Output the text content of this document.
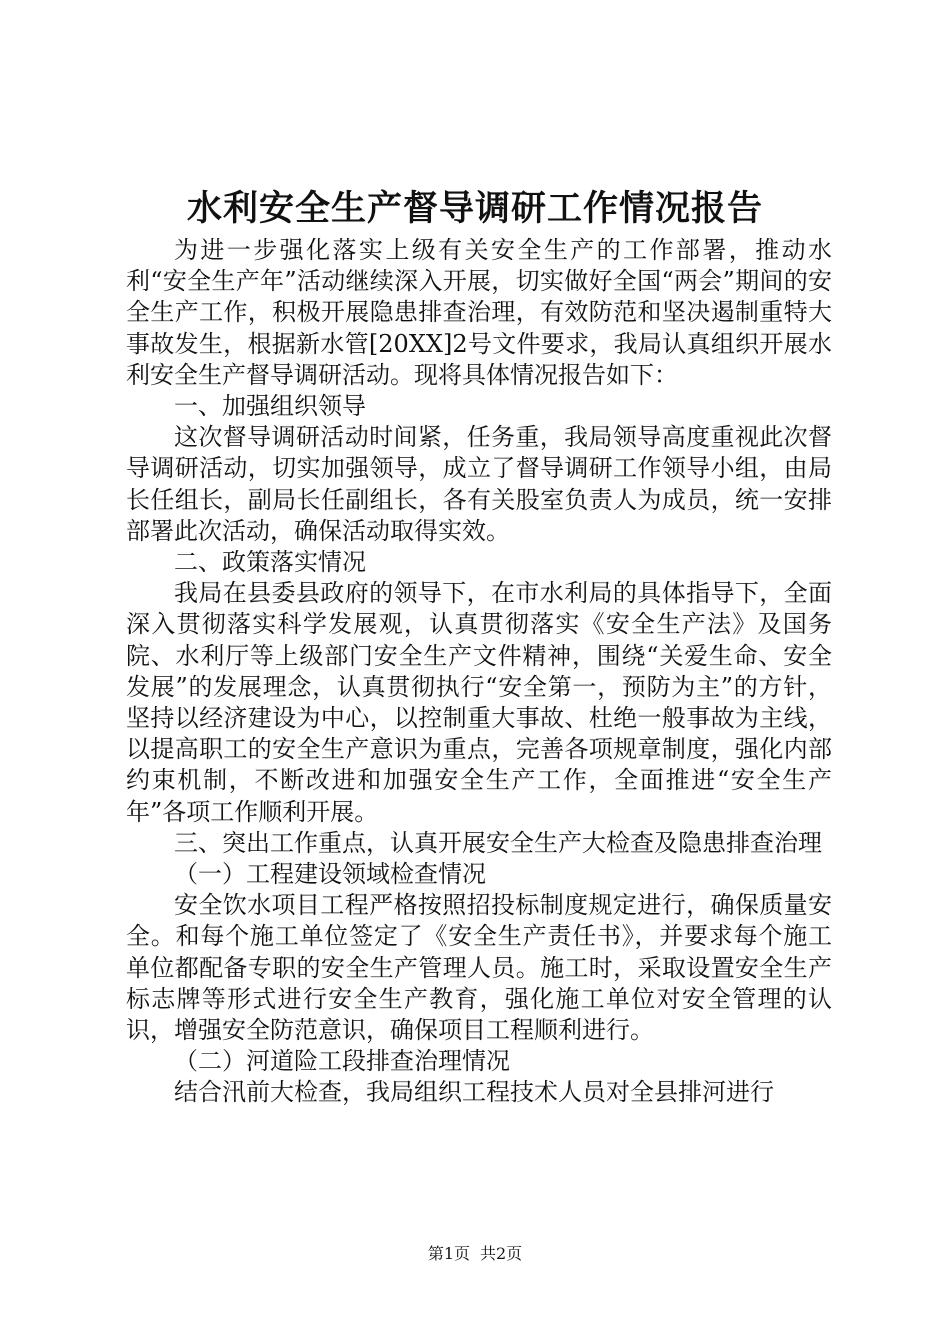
水利安全生产督导调研工作情况报告

为进一步强化落实上级有关安全生产的工作部署，推动水利“安全生产年”活动继续深入开展，切实做好全国“两会”期间的安全生产工作，积极开展隐患排查治理，有效防范和坚决遏制重特大事故发生，根据新水管[20XX]2号文件要求，我局认真组织开展水利安全生产督导调研活动。现将具体情况报告如下：

一、加强组织领导

这次督导调研活动时间紧，任务重，我局领导高度重视此次督导调研活动，切实加强领导，成立了督导调研工作领导小组，由局长任组长，副局长任副组长，各有关股室负责人为成员，统一安排部署此次活动，确保活动取得实效。

二、政策落实情况

我局在县委县政府的领导下，在市水利局的具体指导下，全面深入贯彻落实科学发展观，认真贯彻落实《安全生产法》及国务院、水利厅等上级部门安全生产文件精神，围绕“关爱生命、安全发展”的发展理念，认真贯彻执行“安全第一，预防为主”的方针，坚持以经济建设为中心，以控制重大事故、杜绝一般事故为主线，以提高职工的安全生产意识为重点，完善各项规章制度，强化内部约束机制，不断改进和加强安全生产工作，全面推进“安全生产年”各项工作顺利开展。

三、突出工作重点，认真开展安全生产大检查及隐患排查治理

（一）工程建设领域检查情况

安全饮水项目工程严格按照招投标制度规定进行，确保质量安全。和每个施工单位签定了《安全生产责任书》，并要求每个施工单位都配备专职的安全生产管理人员。施工时，采取设置安全生产标志牌等形式进行安全生产教育，强化施工单位对安全管理的认识，增强安全防范意识，确保项目工程顺利进行。

（二）河道险工段排查治理情况

结合汛前大检查，我局组织工程技术人员对全县排河进行

第1页 共2页
